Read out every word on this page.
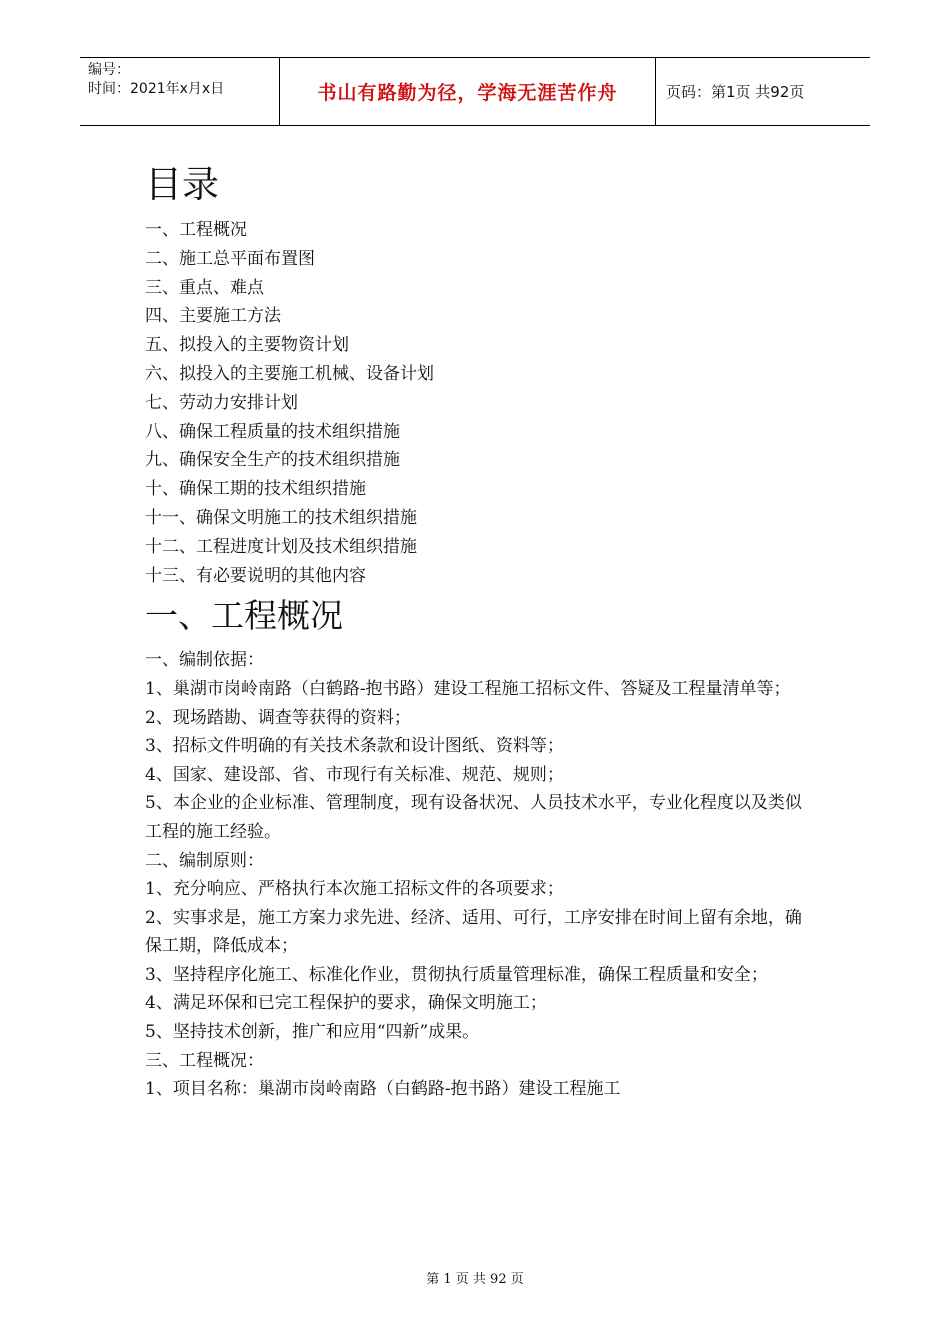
编号：
时间：2021年x月x日	书山有路勤为径，学海无涯苦作舟	页码：第1页 共92页
目录
一、工程概况
二、施工总平面布置图
三、重点、难点
四、主要施工方法
五、拟投入的主要物资计划
六、拟投入的主要施工机械、设备计划
七、劳动力安排计划
八、确保工程质量的技术组织措施
九、确保安全生产的技术组织措施
十、确保工期的技术组织措施
十一、确保文明施工的技术组织措施
十二、工程进度计划及技术组织措施
十三、有必要说明的其他内容
一、工程概况
一、编制依据：
1、巢湖市岗岭南路（白鹤路-抱书路）建设工程施工招标文件、答疑及工程量清单等；
2、现场踏勘、调查等获得的资料；
3、招标文件明确的有关技术条款和设计图纸、资料等；
4、国家、建设部、省、市现行有关标准、规范、规则；
5、本企业的企业标准、管理制度，现有设备状况、人员技术水平，专业化程度以及类似
工程的施工经验。
二、编制原则：
1、充分响应、严格执行本次施工招标文件的各项要求；
2、实事求是，施工方案力求先进、经济、适用、可行，工序安排在时间上留有余地，确
保工期，降低成本；
3、坚持程序化施工、标准化作业，贯彻执行质量管理标准，确保工程质量和安全；
4、满足环保和已完工程保护的要求，确保文明施工；
5、坚持技术创新，推广和应用“四新”成果。
三、工程概况：
1、项目名称：巢湖市岗岭南路（白鹤路-抱书路）建设工程施工
第 1 页 共 92 页
